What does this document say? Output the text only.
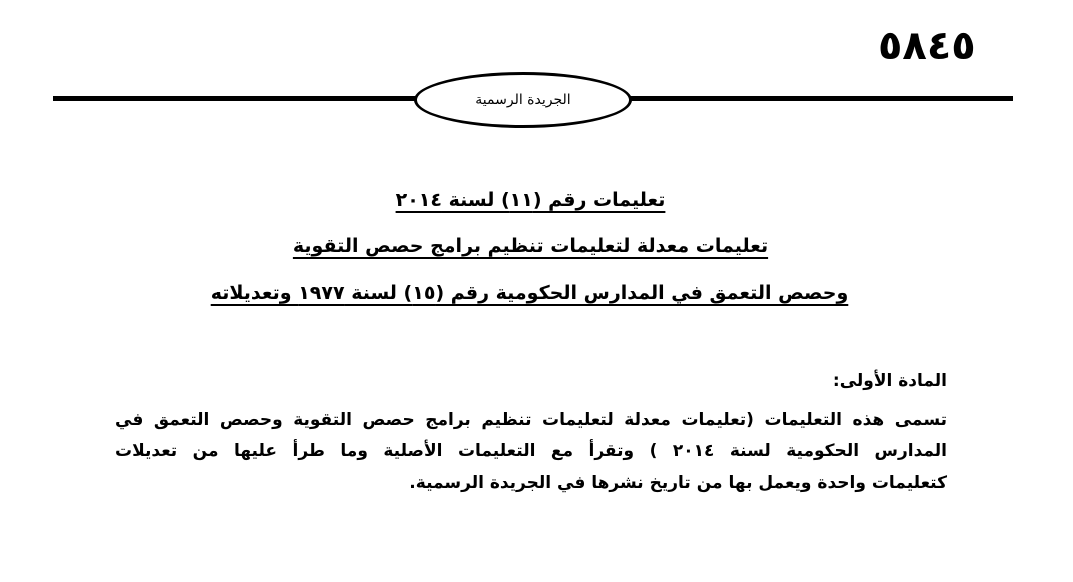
٥٨٤٥
الجريدة الرسمية
تعليمات رقم (١١) لسنة ٢٠١٤
تعليمات معدلة لتعليمات تنظيم برامج حصص التقوية
وحصص التعمق في المدارس الحكومية رقم (١٥) لسنة ١٩٧٧ وتعديلاته
المادة الأولى:
تسمى هذه التعليمات (تعليمات معدلة لتعليمات تنظيم برامج حصص التقوية وحصص التعمق في
المدارس الحكومية لسنة ٢٠١٤ ) وتقرأ مع التعليمات الأصلية وما طرأ عليها من تعديلات
كتعليمات واحدة ويعمل بها من تاريخ نشرها في الجريدة الرسمية.
